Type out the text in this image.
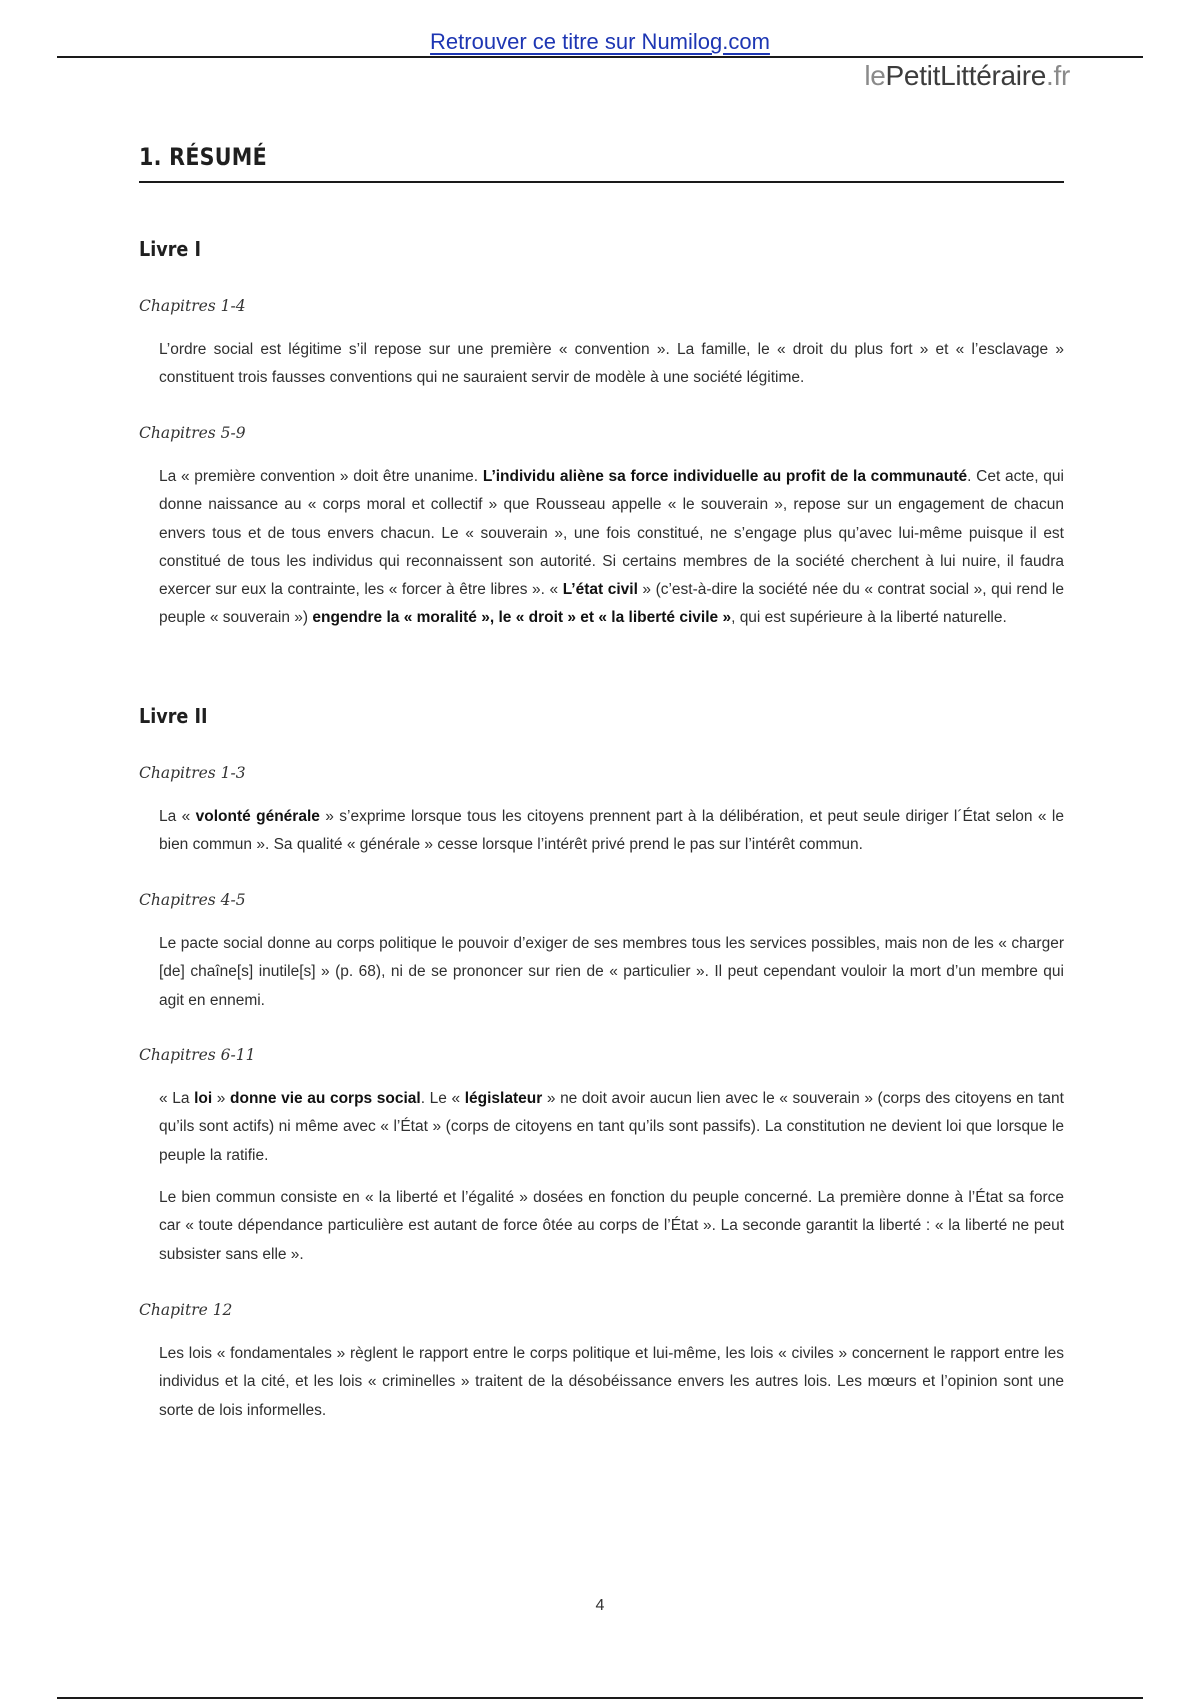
Retrouver ce titre sur Numilog.com
lePetitLittéraire.fr
1. RÉSUMÉ
Livre I
Chapitres 1-4

L’ordre social est légitime s’il repose sur une première « convention ». La famille, le « droit du plus fort » et « l’esclavage » constituent trois fausses conventions qui ne sauraient servir de modèle à une société légitime.

Chapitres 5-9

La « première convention » doit être unanime. L’individu aliène sa force individuelle au profit de la communauté. Cet acte, qui donne naissance au « corps moral et collectif » que Rousseau appelle « le souverain », repose sur un engagement de chacun envers tous et de tous envers chacun. Le « souverain », une fois constitué, ne s’engage plus qu’avec lui-même puisque il est constitué de tous les individus qui reconnaissent son autorité. Si certains membres de la société cherchent à lui nuire, il faudra exercer sur eux la contrainte, les « forcer à être libres ». « L’état civil » (c’est-à-dire la société née du « contrat social », qui rend le peuple « souverain ») engendre la « moralité », le « droit » et « la liberté civile », qui est supérieure à la liberté naturelle.

Livre II
Chapitres 1-3

La « volonté générale » s’exprime lorsque tous les citoyens prennent part à la délibération, et peut seule diriger l´État selon « le bien commun ». Sa qualité « générale » cesse lorsque l’intérêt privé prend le pas sur l’intérêt commun.

Chapitres 4-5

Le pacte social donne au corps politique le pouvoir d’exiger de ses membres tous les services possibles, mais non de les « charger [de] chaîne[s] inutile[s] » (p. 68), ni de se prononcer sur rien de « particulier ». Il peut cependant vouloir la mort d’un membre qui agit en ennemi.

Chapitres 6-11

« La loi » donne vie au corps social. Le « législateur » ne doit avoir aucun lien avec le « souverain » (corps des citoyens en tant qu’ils sont actifs) ni même avec « l’État » (corps de citoyens en tant qu’ils sont passifs). La constitution ne devient loi que lorsque le peuple la ratifie.

Le bien commun consiste en « la liberté et l’égalité » dosées en fonction du peuple concerné. La première donne à l’État sa force car « toute dépendance particulière est autant de force ôtée au corps de l’État ». La seconde garantit la liberté : « la liberté ne peut subsister sans elle ».

Chapitre 12

Les lois « fondamentales » règlent le rapport entre le corps politique et lui-même, les lois « civiles » concernent le rapport entre les individus et la cité, et les lois « criminelles » traitent de la désobéissance envers les autres lois. Les mœurs et l’opinion sont une sorte de lois informelles.

4
